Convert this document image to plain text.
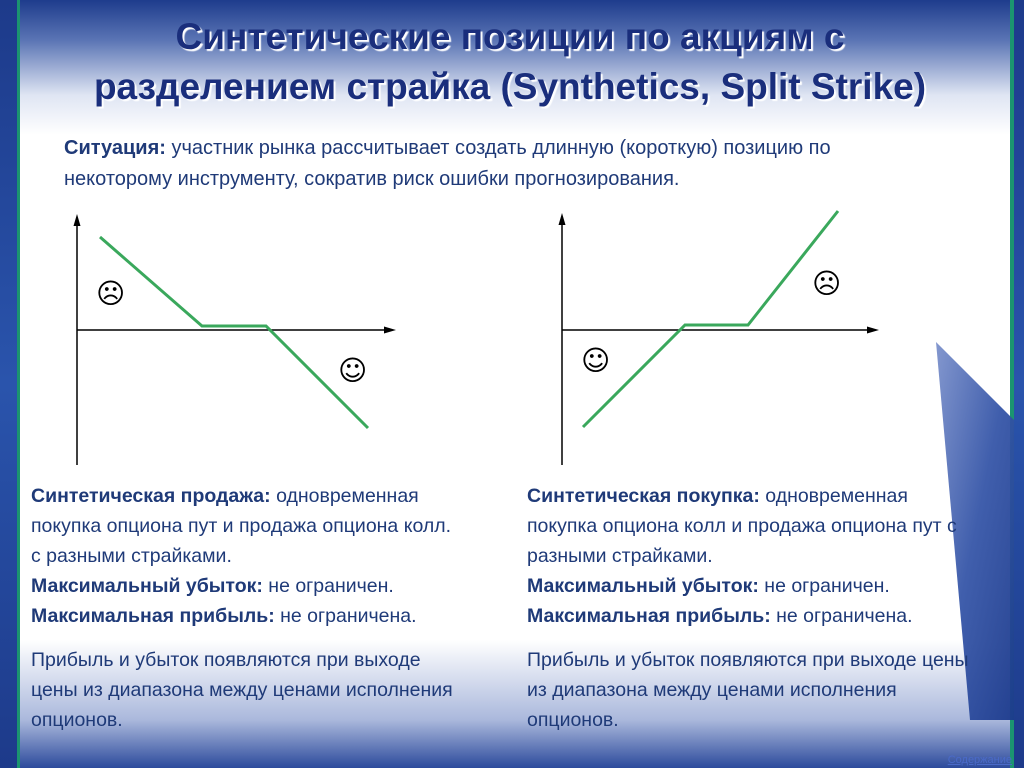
Синтетические позиции по акциям с
разделением страйка (Synthetics, Split Strike)
Ситуация: участник рынка рассчитывает создать длинную (короткую) позицию по
некоторому инструменту, сократив риск ошибки прогнозирования.
☹
☺
☹
☺

Синтетическая продажа: одновременная

покупка опциона пут и продажа опциона колл.

с разными страйками.

Максимальный убыток: не ограничен.

Максимальная прибыль: не ограничена.

Прибыль и убыток появляются при выходе

цены из диапазона между ценами исполнения

опционов.

Синтетическая покупка: одновременная

покупка опциона колл и продажа опциона пут с

разными страйками.

Максимальный убыток: не ограничен.

Максимальная прибыль: не ограничена.

Прибыль и убыток появляются при выходе цены

из диапазона между ценами исполнения

опционов.

Содержание
